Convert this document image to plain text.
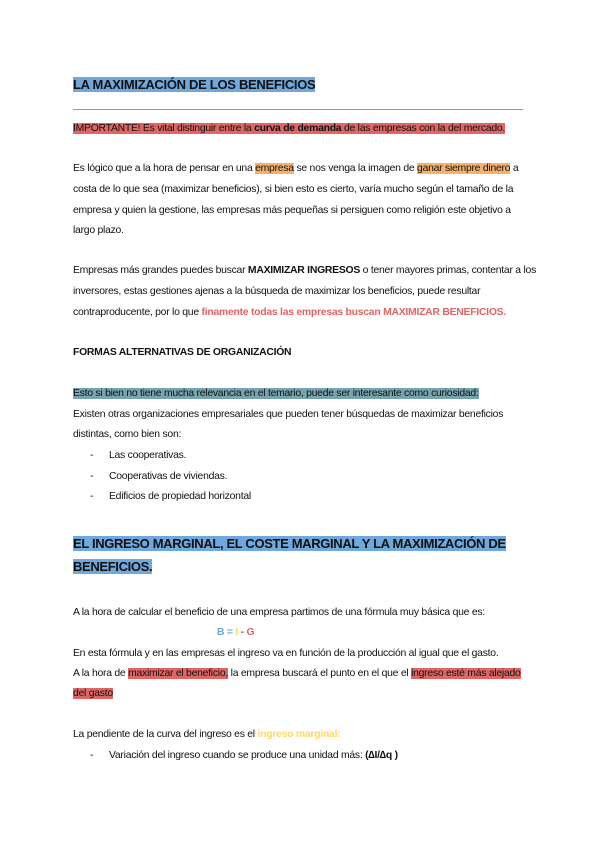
LA MAXIMIZACIÓN DE LOS BENEFICIOS
IMPORTANTE! Es vital distinguir entre la curva de demanda de las empresas con la del mercado.
Es lógico que a la hora de pensar en una empresa se nos venga la imagen de ganar siempre dinero a
costa de lo que sea (maximizar beneficios), si bien esto es cierto, varía mucho según el tamaño de la
empresa y quien la gestione, las empresas más pequeñas si persiguen como religión este objetivo a
largo plazo.
Empresas más grandes puedes buscar MAXIMIZAR INGRESOS o tener mayores primas, contentar a los
inversores, estas gestiones ajenas a la búsqueda de maximizar los beneficios, puede resultar
contraproducente, por lo que finamente todas las empresas buscan MAXIMIZAR BENEFICIOS.
FORMAS ALTERNATIVAS DE ORGANIZACIÓN
Esto si bien no tiene mucha relevancia en el temario, puede ser interesante como curiosidad:
Existen otras organizaciones empresariales que pueden tener búsquedas de maximizar beneficios
distintas, como bien son:
- Las cooperativas.
- Cooperativas de viviendas.
- Edificios de propiedad horizontal
EL INGRESO MARGINAL, EL COSTE MARGINAL Y LA MAXIMIZACIÓN DE
BENEFICIOS.
A la hora de calcular el beneficio de una empresa partimos de una fórmula muy básica que es:
B = I - G
En esta fórmula y en las empresas el ingreso va en función de la producción al igual que el gasto.
A la hora de maximizar el beneficio, la empresa buscará el punto en el que el ingreso esté más alejado
del gasto
La pendiente de la curva del ingreso es el ingreso marginal:
- Variación del ingreso cuando se produce una unidad más: (∆I/∆q )
